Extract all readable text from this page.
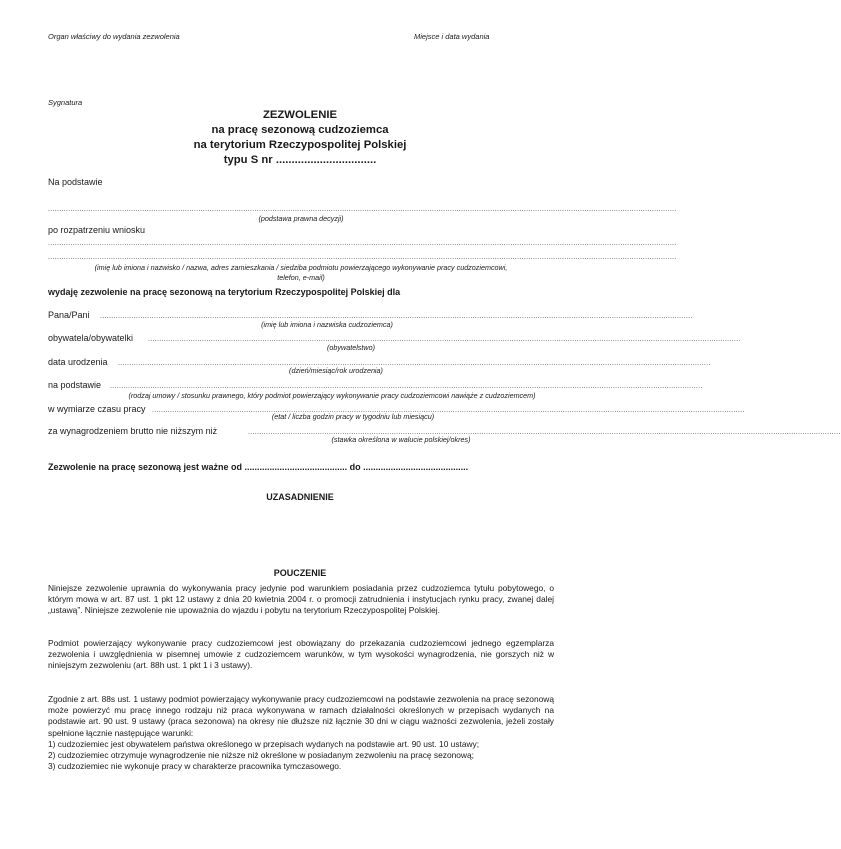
Organ właściwy do wydania zezwolenia	Miejsce i data wydania
Sygnatura
ZEZWOLENIE
na pracę sezonową cudzoziemca
na terytorium Rzeczypospolitej Polskiej
typu S nr ................................
Na podstawie
........................................................................................................................................................................................................................................................................................
(podstawa prawna decyzji)
po rozpatrzeniu wniosku
........................................................................................................................................................................................................................................................................................
........................................................................................................................................................................................................................................................................................
(imię lub imiona i nazwisko / nazwa, adres zamieszkania / siedziba podmiotu powierzającego wykonywanie pracy cudzoziemcowi,
telefon, e-mail)
wydaję zezwolenie na pracę sezonową na terytorium Rzeczypospolitej Polskiej dla
Pana/Pani ........................................................................................................................................................................................................................................................................
(imię lub imiona i nazwiska cudzoziemca)
obywatela/obywatelki ........................................................................................................................................................................................................................................................................
(obywatelstwo)
data urodzenia ........................................................................................................................................................................................................................................................................
(dzień/miesiąc/rok urodzenia)
na podstawie ........................................................................................................................................................................................................................................................................
(rodzaj umowy / stosunku prawnego, który podmiot powierzający wykonywanie pracy cudzoziemcowi nawiąże z cudzoziemcem)
w wymiarze czasu pracy ........................................................................................................................................................................................................................................................................
(etat / liczba godzin pracy w tygodniu lub miesiącu)
za wynagrodzeniem brutto nie niższym niż	........................................................................................................................................................................................................................................................................
(stawka określona w walucie polskiej/okres)
Zezwolenie na pracę sezonową jest ważne od ......................................... do ..........................................
UZASADNIENIE
POUCZENIE
Niniejsze zezwolenie uprawnia do wykonywania pracy jedynie pod warunkiem posiadania przez cudzoziemca tytułu pobytowego, o którym mowa w art. 87 ust. 1 pkt 12 ustawy z dnia 20 kwietnia 2004 r. o promocji zatrudnienia i instytucjach rynku pracy, zwanej dalej „ustawą”. Niniejsze zezwolenie nie upoważnia do wjazdu i pobytu na terytorium Rzeczypospolitej Polskiej.
Podmiot powierzający wykonywanie pracy cudzoziemcowi jest obowiązany do przekazania cudzoziemcowi jednego egzemplarza zezwolenia i uwzględnienia w pisemnej umowie z cudzoziemcem warunków, w tym wysokości wynagrodzenia, nie gorszych niż w niniejszym zezwoleniu (art. 88h ust. 1 pkt 1 i 3 ustawy).
Zgodnie z art. 88s ust. 1 ustawy podmiot powierzający wykonywanie pracy cudzoziemcowi na podstawie zezwolenia na pracę sezonową może powierzyć mu pracę innego rodzaju niż praca wykonywana w ramach działalności określonych w przepisach wydanych na podstawie art. 90 ust. 9 ustawy (praca sezonowa) na okresy nie dłuższe niż łącznie 30 dni w ciągu ważności zezwolenia, jeżeli zostały spełnione łącznie następujące warunki:
1) cudzoziemiec jest obywatelem państwa określonego w przepisach wydanych na podstawie art. 90 ust. 10 ustawy;
2) cudzoziemiec otrzymuje wynagrodzenie nie niższe niż określone w posiadanym zezwoleniu na pracę sezonową;
3) cudzoziemiec nie wykonuje pracy w charakterze pracownika tymczasowego.
